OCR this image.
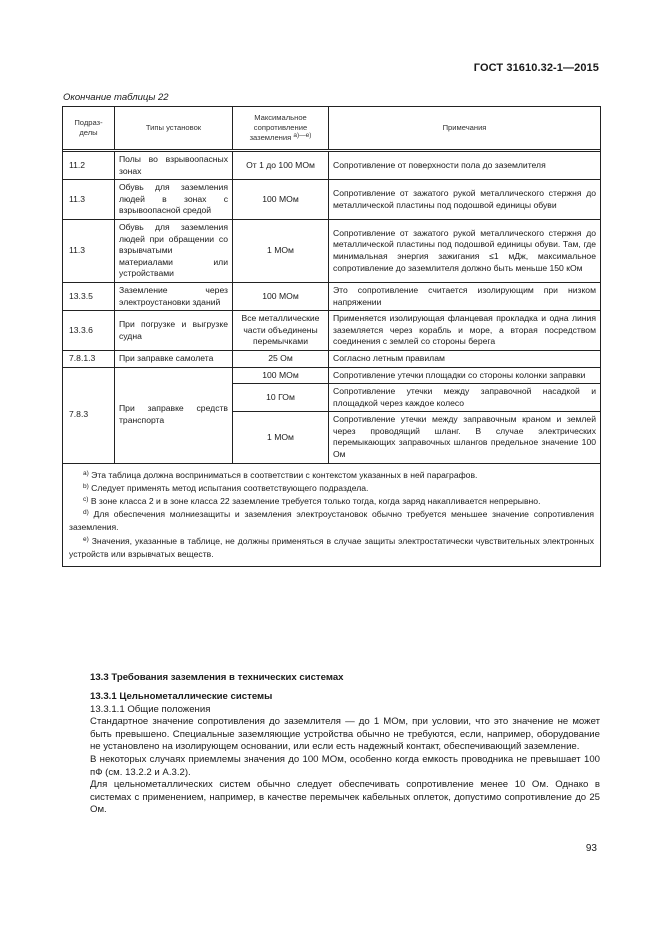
ГОСТ 31610.32-1—2015
Окончание таблицы 22
Подраз-
делы	Типы установок	Максимальное сопротивление заземления $^{a)—e)}$	Примечания

11.2	Полы во взрывоопасных зонах	От 1 до 100 МОм	Сопротивление от поверхности пола до заземлителя
11.3	Обувь для заземления людей в зонах с взрывоопасной средой	100 МОм	Сопротивление от зажатого рукой металлического стержня до металлической пластины под подошвой единицы обуви
11.3	Обувь для заземления людей при обращении со взрывчатыми материалами или устройствами	1 МОм	Сопротивление от зажатого рукой металлического стержня до металлической пластины под подошвой единицы обуви. Там, где минимальная энергия зажигания ≤1 мДж, максимальное сопротивление до заземлителя должно быть меньше 150 кОм
13.3.5	Заземление через электроустановки зданий	100 МОм	Это сопротивление считается изолирующим при низком напряжении
13.3.6	При погрузке и выгрузке судна	Все металлические части объединены перемычками	Применяется изолирующая фланцевая прокладка и одна линия заземляется через корабль и море, а вторая посредством соединения с землей со стороны берега
7.8.1.3	При заправке самолета	25 Ом	Согласно летным правилам
7.8.3	При заправке средств транспорта	100 МОм	Сопротивление утечки площадки со стороны колонки заправки
		10 ГОм	Сопротивление утечки между заправочной насадкой и площадкой через каждое колесо
		1 МОм	Сопротивление утечки между заправочным краном и землей через проводящий шланг. В случае электрических перемыкающих заправочных шлангов предельное значение 100 Ом

$^{a)}$ Эта таблица должна восприниматься в соответствии с контекстом указанных в ней параграфов.

$^{b)}$ Следует применять метод испытания соответствующего подраздела.

$^{c)}$ В зоне класса 2 и в зоне класса 22 заземление требуется только тогда, когда заряд накапливается непрерывно.

$^{d)}$ Для обеспечения молниезащиты и заземления электроустановок обычно требуется меньшее значение сопротивления заземления.

$^{e)}$ Значения, указанные в таблице, не должны применяться в случае защиты электростатически чувствительных электронных устройств или взрывчатых веществ.			

13.3 Требования заземления в технических системах

13.3.1 Цельнометаллические системы

13.3.1.1 Общие положения

Стандартное значение сопротивления до заземлителя — до 1 МОм, при условии, что это значение не может быть превышено. Специальные заземляющие устройства обычно не требуются, если, например, оборудование не установлено на изолирующем основании, или если есть надежный контакт, обеспечивающий заземление.

В некоторых случаях приемлемы значения до 100 МОм, особенно когда емкость проводника не превышает 100 пФ (см. 13.2.2 и А.3.2).

Для цельнометаллических систем обычно следует обеспечивать сопротивление менее 10 Ом. Однако в системах с применением, например, в качестве перемычек кабельных оплеток, допустимо сопротивление до 25 Ом.

93
